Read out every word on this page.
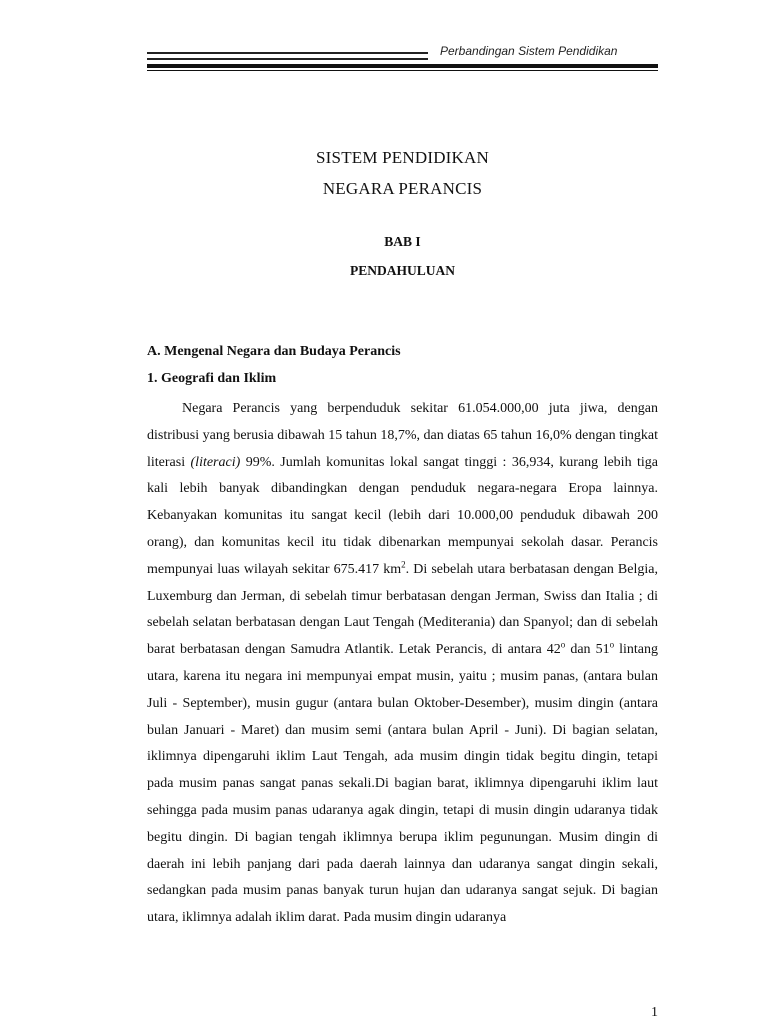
Perbandingan Sistem Pendidikan
SISTEM PENDIDIKAN
NEGARA PERANCIS
BAB I
PENDAHULUAN
A. Mengenal Negara dan Budaya Perancis
1. Geografi dan Iklim

Negara Perancis yang berpenduduk sekitar 61.054.000,00 juta jiwa, dengan distribusi yang berusia dibawah 15 tahun 18,7%, dan diatas 65 tahun 16,0% dengan tingkat literasi (literaci) 99%. Jumlah komunitas lokal sangat tinggi : 36,934, kurang lebih tiga kali lebih banyak dibandingkan dengan penduduk negara-negara Eropa lainnya. Kebanyakan komunitas itu sangat kecil (lebih dari 10.000,00 penduduk dibawah 200 orang), dan komunitas kecil itu tidak dibenarkan mempunyai sekolah dasar. Perancis mempunyai luas wilayah sekitar 675.417 $km^2$. Di sebelah utara berbatasan dengan Belgia, Luxemburg dan Jerman, di sebelah timur berbatasan dengan Jerman, Swiss dan Italia ; di sebelah selatan berbatasan dengan Laut Tengah (Mediterania) dan Spanyol; dan di sebelah barat berbatasan dengan Samudra Atlantik. Letak Perancis, di antara 42$^o$ dan 51$^o$ lintang utara, karena itu negara ini mempunyai empat musin, yaitu ; musim panas, (antara bulan Juli - September), musin gugur (antara bulan Oktober-Desember), musim dingin (antara bulan Januari - Maret) dan musim semi (antara bulan April - Juni). Di bagian selatan, iklimnya dipengaruhi iklim Laut Tengah, ada musim dingin tidak begitu dingin, tetapi pada musim panas sangat panas sekali.Di bagian barat, iklimnya dipengaruhi iklim laut sehingga pada musim panas udaranya agak dingin, tetapi di musin dingin udaranya tidak begitu dingin. Di bagian tengah iklimnya berupa iklim pegunungan. Musim dingin di daerah ini lebih panjang dari pada daerah lainnya dan udaranya sangat dingin sekali, sedangkan pada musim panas banyak turun hujan dan udaranya sangat sejuk. Di bagian utara, iklimnya adalah iklim darat. Pada musim dingin udaranya

1
